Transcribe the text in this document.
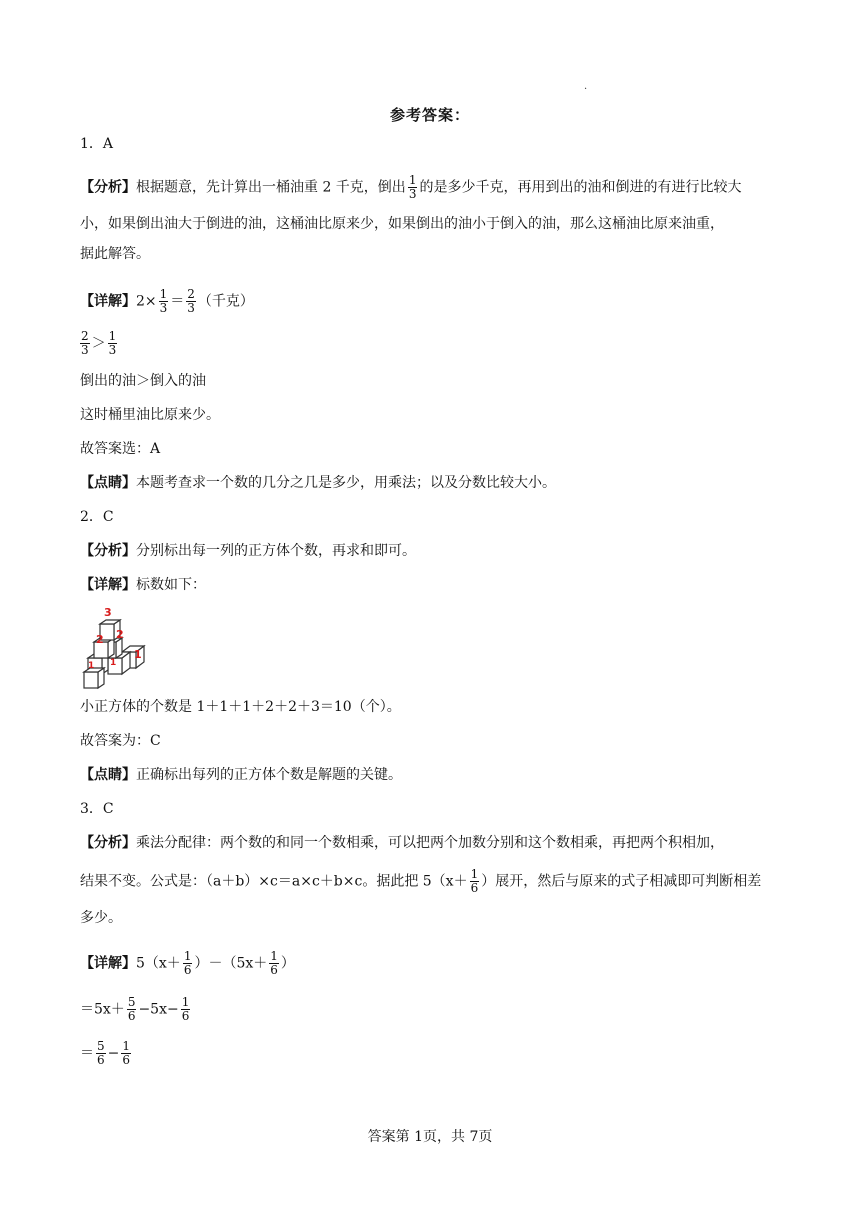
·
参考答案：
1．A
【分析】根据题意，先计算出一桶油重 2 千克，倒出 $\frac{1}{3}$ 的是多少千克，再用到出的油和倒进的有进行比较大
小，如果倒出油大于倒进的油，这桶油比原来少，如果倒出的油小于倒入的油，那么这桶油比原来油重，
据此解答。
【详解】$2\times \frac{1}{3} = \frac{2}{3}$ （千克）
$\frac{2}{3} > \frac{1}{3}$
倒出的油＞倒入的油
这时桶里油比原来少。
故答案选：A
【点睛】本题考查求一个数的几分之几是多少，用乘法；以及分数比较大小。
2．C
【分析】分别标出每一列的正方体个数，再求和即可。
【详解】标数如下：
3
2 2
1 1
1
小正方体的个数是 1＋1＋1＋2＋2＋3＝10（个）。
故答案为：C
【点睛】正确标出每列的正方体个数是解题的关键。
3．C
【分析】乘法分配律：两个数的和同一个数相乘，可以把两个加数分别和这个数相乘，再把两个积相加，
结果不变。公式是：（a＋b）×c＝a×c＋b×c。据此把 $5(x+ \frac{1}{6}$ ）展开，然后与原来的式子相减即可判断相差
多少。
【详解】$5(x+ \frac{1}{6} )-(5x+ \frac{1}{6}$ ）
$=5x+ \frac{5}{6} -5x- \frac{1}{6}$
＝ $\frac{5}{6} - \frac{1}{6}$
答案第 1页，共 7页
